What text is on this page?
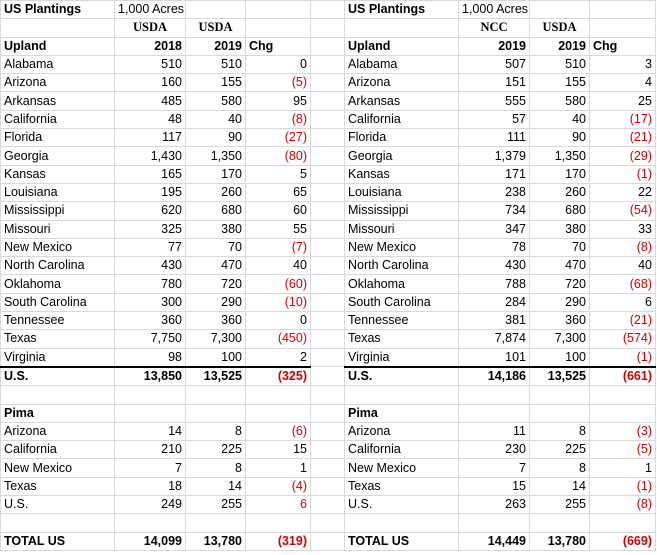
US Plantings	1,000 Acres				US Plantings	1,000 Acres		
	USDA	USDA				NCC	USDA	
Upland	2018	2019	Chg		Upland	2019	2019	Chg
Alabama	510	510	0		Alabama	507	510	3
Arizona	160	155	(5)		Arizona	151	155	4
Arkansas	485	580	95		Arkansas	555	580	25
California	48	40	(8)		California	57	40	(17)
Florida	117	90	(27)		Florida	111	90	(21)
Georgia	1,430	1,350	(80)		Georgia	1,379	1,350	(29)
Kansas	165	170	5		Kansas	171	170	(1)
Louisiana	195	260	65		Louisiana	238	260	22
Mississippi	620	680	60		Mississippi	734	680	(54)
Missouri	325	380	55		Missouri	347	380	33
New Mexico	77	70	(7)		New Mexico	78	70	(8)
North Carolina	430	470	40		North Carolina	430	470	40
Oklahoma	780	720	(60)		Oklahoma	788	720	(68)
South Carolina	300	290	(10)		South Carolina	284	290	6
Tennessee	360	360	0		Tennessee	381	360	(21)
Texas	7,750	7,300	(450)		Texas	7,874	7,300	(574)
Virginia	98	100	2		Virginia	101	100	(1)
U.S.	13,850	13,525	(325)		U.S.	14,186	13,525	(661)

Pima					Pima			
Arizona	14	8	(6)		Arizona	11	8	(3)
California	210	225	15		California	230	225	(5)
New Mexico	7	8	1		New Mexico	7	8	1
Texas	18	14	(4)		Texas	15	14	(1)
U.S.	249	255	6		U.S.	263	255	(8)

TOTAL US	14,099	13,780	(319)		TOTAL US	14,449	13,780	(669)
